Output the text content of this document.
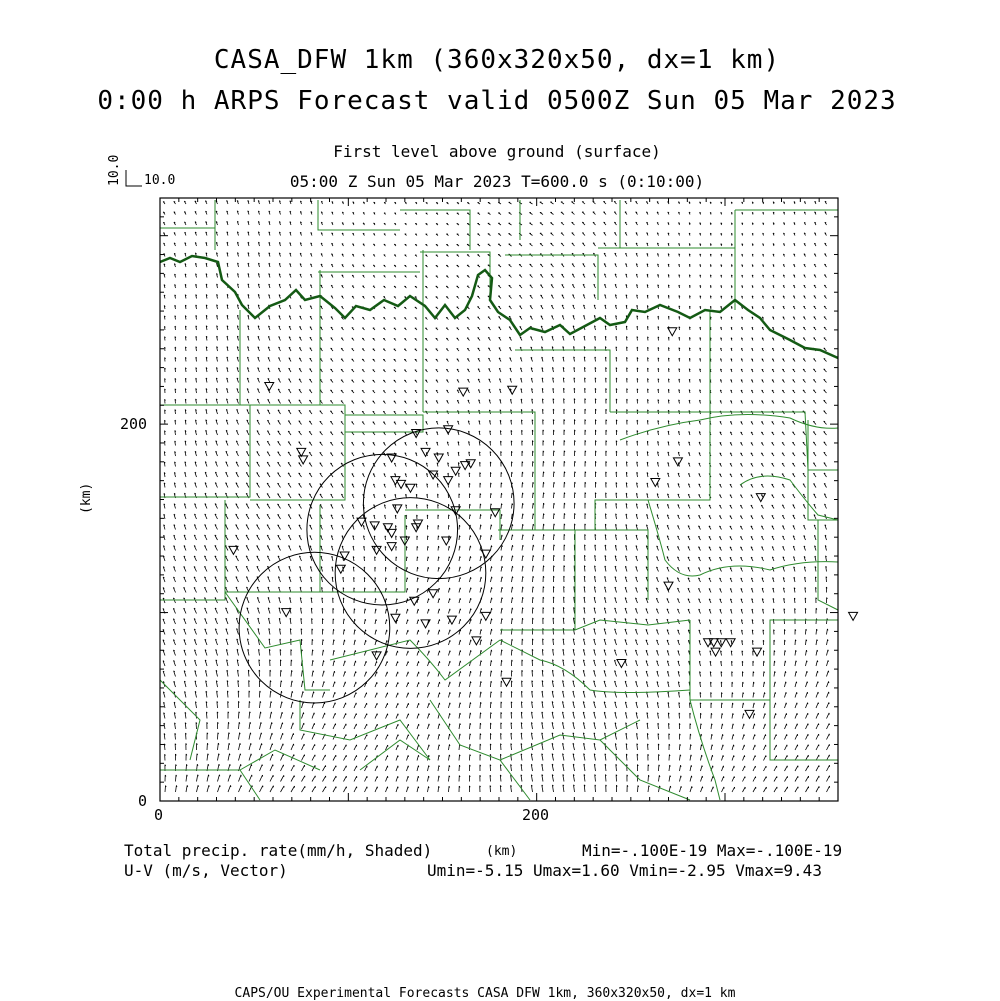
CASA_DFW 1km (360x320x50, dx=1 km)
0:00 h ARPS Forecast valid 0500Z Sun 05 Mar 2023
First level above ground (surface)
05:00 Z Sun 05 Mar 2023 T=600.0 s (0:10:00)
10.0 10.0
0	200
0
200
(km)
(km)
Total precip. rate(mm/h, Shaded)	Min=-.100E-19 Max=-.100E-19
U-V (m/s, Vector)	Umin=-5.15 Umax=1.60 Vmin=-2.95 Vmax=9.43
CAPS/OU Experimental Forecasts CASA DFW 1km, 360x320x50, dx=1 km
